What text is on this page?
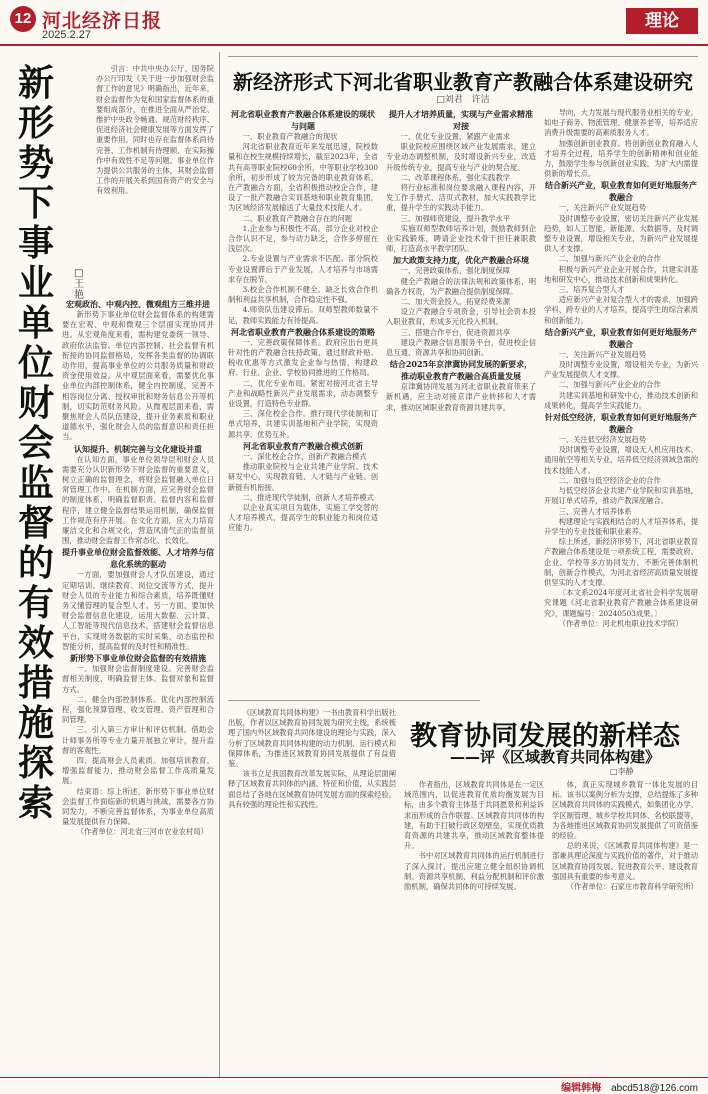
12 河北经济日报
2025.2.27
理论
新形势下事业单位财会监督的有效措施探索
□王艳

引言：中共中央办公厅、国务院办公厅印发《关于进一步加强财会监督工作的意见》明确指出，近年来，财会监督作为党和国家监督体系的重要组成部分，在推进全面从严治党、维护中央政令畅通、规范财经秩序、促进经济社会健康发展等方面发挥了重要作用。同时也存在监督体系尚待完善、工作机制有待理顺、在实际操作中有效性不足等问题。事业单位作为提供公共服务的主体，其财会监督工作的开展关系到国有资产的安全与有效利用。

宏观政治、中观内控、微观组方三维并进

新形势下事业单位财会监督体系的构建需要在宏观、中观和微观三个层面实现协同并进。从宏观角度来看，需构建党委统一领导、政府依法监管、单位内部控制、社会监督有机衔接的协同监督格局，发挥各类监督的协调联动作用，提高事业单位的公共服务质量和财政资金使用效益。从中观层面来看，需要优化事业单位内部控制体系，健全内控制度，完善不相容岗位分离、授权审批和财务信息公开等机制，切实防范财务风险。从微观层面来看，需聚焦财会人员队伍建设，提升业务素质和职业道德水平，强化财会人员的监督意识和责任担当。

认知提升、机制完善与文化建设并重

在认知方面，事业单位领导层和财会人员需要充分认识新形势下财会监督的重要意义，树立正确的监督理念，将财会监督融入单位日常管理工作中。在机制方面，应完善财会监督的制度体系，明确监督职责、监督内容和监督程序，建立健全监督结果运用机制，确保监督工作规范有序开展。在文化方面，应大力培育廉洁文化和合规文化，营造风清气正的监督氛围，推动财会监督工作常态化、长效化。

提升事业单位财会监督效能、人才培养与信息化系统的驱动

一方面，要加强财会人才队伍建设，通过定期培训、继续教育、岗位交流等方式，提升财会人员的专业能力和综合素质，培养既懂财务又懂管理的复合型人才。另一方面，要加快财会监督信息化建设，运用大数据、云计算、人工智能等现代信息技术，搭建财会监督信息平台，实现财务数据的实时采集、动态监控和智能分析，提高监督的及时性和精准性。

新形势下事业单位财会监督的有效措施

一、加强财会监督制度建设。完善财会监督相关制度，明确监督主体、监督对象和监督方式。

二、健全内部控制体系。优化内部控制流程，强化预算管理、收支管理、资产管理和合同管理。

三、引入第三方审计和评估机制。借助会计师事务所等专业力量开展独立审计，提升监督的客观性。

四、提高财会人员素质。加强培训教育，增强监督能力，推动财会监督工作高质量发展。

结束语：综上所述，新形势下事业单位财会监督工作面临新的机遇与挑战，需要各方协同发力，不断完善监督体系，为事业单位高质量发展提供有力保障。

（作者单位：河北省三河市农业农村局）

新经济形式下河北省职业教育产教融合体系建设研究
□刘君　许洁

河北省职业教育产教融合体系建设的现状与问题

一、职业教育产教融合的现状

河北省职业教育近年来发展迅速，院校数量和在校生规模持续增长，截至2023年，全省共有高等职业院校60余所，中等职业学校300余所，初步形成了较为完备的职业教育体系。在产教融合方面，全省积极推动校企合作，建设了一批产教融合实训基地和职业教育集团，为区域经济发展输送了大量技术技能人才。

二、职业教育产教融合存在的问题

1.企业参与积极性不高。部分企业对校企合作认识不足，参与动力缺乏，合作多停留在浅层次。

2.专业设置与产业需求不匹配。部分院校专业设置滞后于产业发展，人才培养与市场需求存在脱节。

3.校企合作机制不健全。缺乏长效合作机制和利益共享机制，合作稳定性不强。

4.师资队伍建设滞后。双师型教师数量不足，教师实践能力有待提高。

河北省职业教育产教融合体系建设的策略

一、完善政策保障体系。政府应出台更具针对性的产教融合扶持政策，通过财政补贴、税收优惠等方式激发企业参与热情，构建政府、行业、企业、学校协同推进的工作格局。

二、优化专业布局。紧密对接河北省主导产业和战略性新兴产业发展需求，动态调整专业设置，打造特色专业群。

三、深化校企合作。推行现代学徒制和订单式培养，共建实训基地和产业学院，实现资源共享、优势互补。

河北省职业教育产教融合模式创新

一、深化校企合作，创新产教融合模式

推动职业院校与企业共建产业学院、技术研发中心，实现教育链、人才链与产业链、创新链有机衔接。

二、推进现代学徒制，创新人才培养模式

以企业真实项目为载体，实施工学交替的人才培养模式，提高学生的职业能力和岗位适应能力。

提升人才培养质量，实现与产业需求精准对接

一、优化专业设置，紧跟产业需求

职业院校应围绕区域产业发展需求，建立专业动态调整机制，及时增设新兴专业，改造升级传统专业，提高专业与产业的契合度。

二、改革课程体系，强化实践教学

将行业标准和岗位要求融入课程内容，开发工作手册式、活页式教材，加大实践教学比重，提升学生的实践动手能力。

三、加强师资建设，提升教学水平

实施双师型教师培养计划，鼓励教师到企业实践锻炼，聘请企业技术骨干担任兼职教师，打造高水平教学团队。

加大政策支持力度，优化产教融合环境

一、完善政策体系，强化制度保障

健全产教融合的法律法规和政策体系，明确各方权责，为产教融合提供制度保障。

二、加大资金投入，拓宽经费来源

设立产教融合专项资金，引导社会资本投入职业教育，形成多元化投入机制。

三、搭建合作平台，促进资源共享

建设产教融合信息服务平台，促进校企信息互通、资源共享和协同创新。

结合2025年京津冀协同发展的新要求，推动职业教育产教融合高质量发展

京津冀协同发展为河北省职业教育带来了新机遇，应主动对接京津产业转移和人才需求，推动区域职业教育资源共建共享。

导向，大力发展与现代服务业相关的专业，如电子商务、物流管理、健康养老等，培养适应消费升级需要的高素质服务人才。

加强创新创业教育。将创新创业教育融入人才培养全过程，培养学生的创新精神和创业能力，鼓励学生参与创新创业实践，为扩大内需提供新的增长点。

结合新兴产业，职业教育如何更好地服务产教融合

一、关注新兴产业发展趋势

及时调整专业设置，密切关注新兴产业发展趋势，如人工智能、新能源、大数据等，及时调整专业设置，增设相关专业，为新兴产业发展提供人才支撑。

二、加强与新兴产业企业的合作

积极与新兴产业企业开展合作，共建实训基地和研发中心，推动技术创新和成果转化。

三、培养复合型人才

适应新兴产业对复合型人才的需求，加强跨学科、跨专业的人才培养，提高学生的综合素质和创新能力。

结合新兴产业，职业教育如何更好地服务产教融合

一、关注新兴产业发展趋势

及时调整专业设置，增设相关专业，为新兴产业发展提供人才支撑。

二、加强与新兴产业企业的合作

共建实训基地和研发中心，推动技术创新和成果转化，提高学生实践能力。

针对低空经济，职业教育如何更好地服务产教融合

一、关注低空经济发展趋势

及时调整专业设置，增设无人机应用技术、通用航空等相关专业，培养低空经济领域急需的技术技能人才。

二、加强与低空经济企业的合作

与低空经济企业共建产业学院和实训基地，开展订单式培养，推动产教深度融合。

三、完善人才培养体系

构建理论与实践相结合的人才培养体系，提升学生的专业技能和职业素养。

综上所述，新经济形势下，河北省职业教育产教融合体系建设是一项系统工程，需要政府、企业、学校等多方协同发力，不断完善体制机制，创新合作模式，为河北省经济高质量发展提供坚实的人才支撑。

〔本文系2024年度河北省社会科学发展研究课题《河北省职业教育产教融合体系建设研究》，课题编号：20240503成果。〕

（作者单位：河北机电职业技术学院）

教育协同发展的新样态
——评《区域教育共同体构建》
□李静

《区域教育共同体构建》一书由教育科学出版社出版，作者以区域教育协同发展为研究主线，系统梳理了国内外区域教育共同体建设的理论与实践，深入分析了区域教育共同体构建的动力机制、运行模式和保障体系，为推进区域教育协同发展提供了有益借鉴。

该书立足我国教育改革发展实际，从理论层面阐释了区域教育共同体的内涵、特征和价值，从实践层面总结了各地在区域教育协同发展方面的探索经验，具有较强的理论性和实践性。

作者指出，区域教育共同体是在一定区域范围内，以促进教育优质均衡发展为目标，由多个教育主体基于共同愿景和利益诉求而形成的合作联盟。区域教育共同体的构建，有助于打破行政区划壁垒，实现优质教育资源的共建共享，推动区域教育整体提升。

书中对区域教育共同体的运行机制进行了深入探讨，提出应建立健全组织协调机制、资源共享机制、利益分配机制和评价激励机制，确保共同体的可持续发展。

体，真正实现城乡教育一体化发展的目标。该书以案例分析为支撑，总结提炼了多种区域教育共同体的实践模式，如集团化办学、学区制管理、城乡学校共同体、名校联盟等，为各地推进区域教育协同发展提供了可资借鉴的经验。

总的来说，《区域教育共同体构建》是一部兼具理论深度与实践价值的著作，对于推动区域教育协同发展、促进教育公平、建设教育强国具有重要的参考意义。

（作者单位：石家庄市教育科学研究所）

编辑韩梅　 abcd518@126.com
